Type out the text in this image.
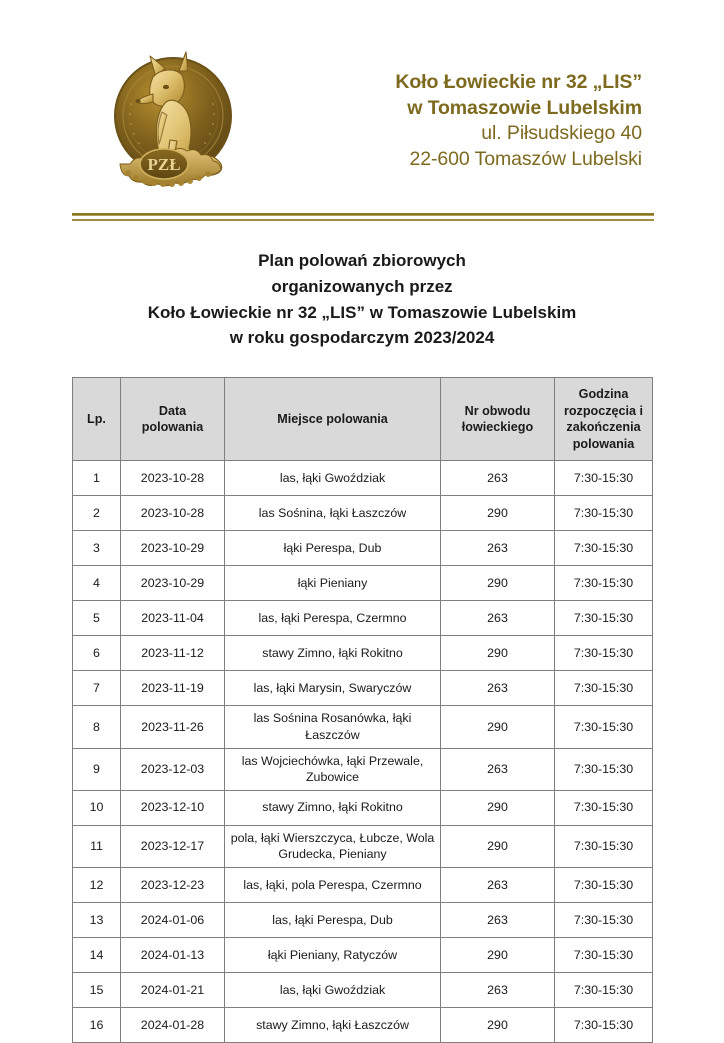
PZŁ
Koło Łowieckie nr 32 „LIS”
w Tomaszowie Lubelskim
ul. Piłsudskiego 40
22-600 Tomaszów Lubelski
Plan polowań zbiorowych
organizowanych przez
Koło Łowieckie nr 32 „LIS” w Tomaszowie Lubelskim
w roku gospodarczym 2023/2024
Lp.

Data
polowania

Miejsce polowania

Nr obwodu
łowieckiego

Godzina
rozpoczęcia i
zakończenia
polowania

1	2023-10-28	las, łąki Gwoździak	263	7:30-15:30
2	2023-10-28	las Sośnina, łąki Łaszczów	290	7:30-15:30
3	2023-10-29	łąki Perespa, Dub	263	7:30-15:30
4	2023-10-29	łąki Pieniany	290	7:30-15:30
5	2023-11-04	las, łąki Perespa, Czermno	263	7:30-15:30
6	2023-11-12	stawy Zimno, łąki Rokitno	290	7:30-15:30
7	2023-11-19	las, łąki Marysin, Swaryczów	263	7:30-15:30
8	2023-11-26	las Sośnina Rosanówka, łąki Łaszczów	290	7:30-15:30
9	2023-12-03	las Wojciechówka, łąki Przewale, Zubowice	263	7:30-15:30
10	2023-12-10	stawy Zimno, łąki Rokitno	290	7:30-15:30
11	2023-12-17	pola, łąki Wierszczyca, Łubcze, Wola Grudecka, Pieniany	290	7:30-15:30
12	2023-12-23	las, łąki, pola Perespa, Czermno	263	7:30-15:30
13	2024-01-06	las, łąki Perespa, Dub	263	7:30-15:30
14	2024-01-13	łąki Pieniany, Ratyczów	290	7:30-15:30
15	2024-01-21	las, łąki Gwoździak	263	7:30-15:30
16	2024-01-28	stawy Zimno, łąki Łaszczów	290	7:30-15:30
